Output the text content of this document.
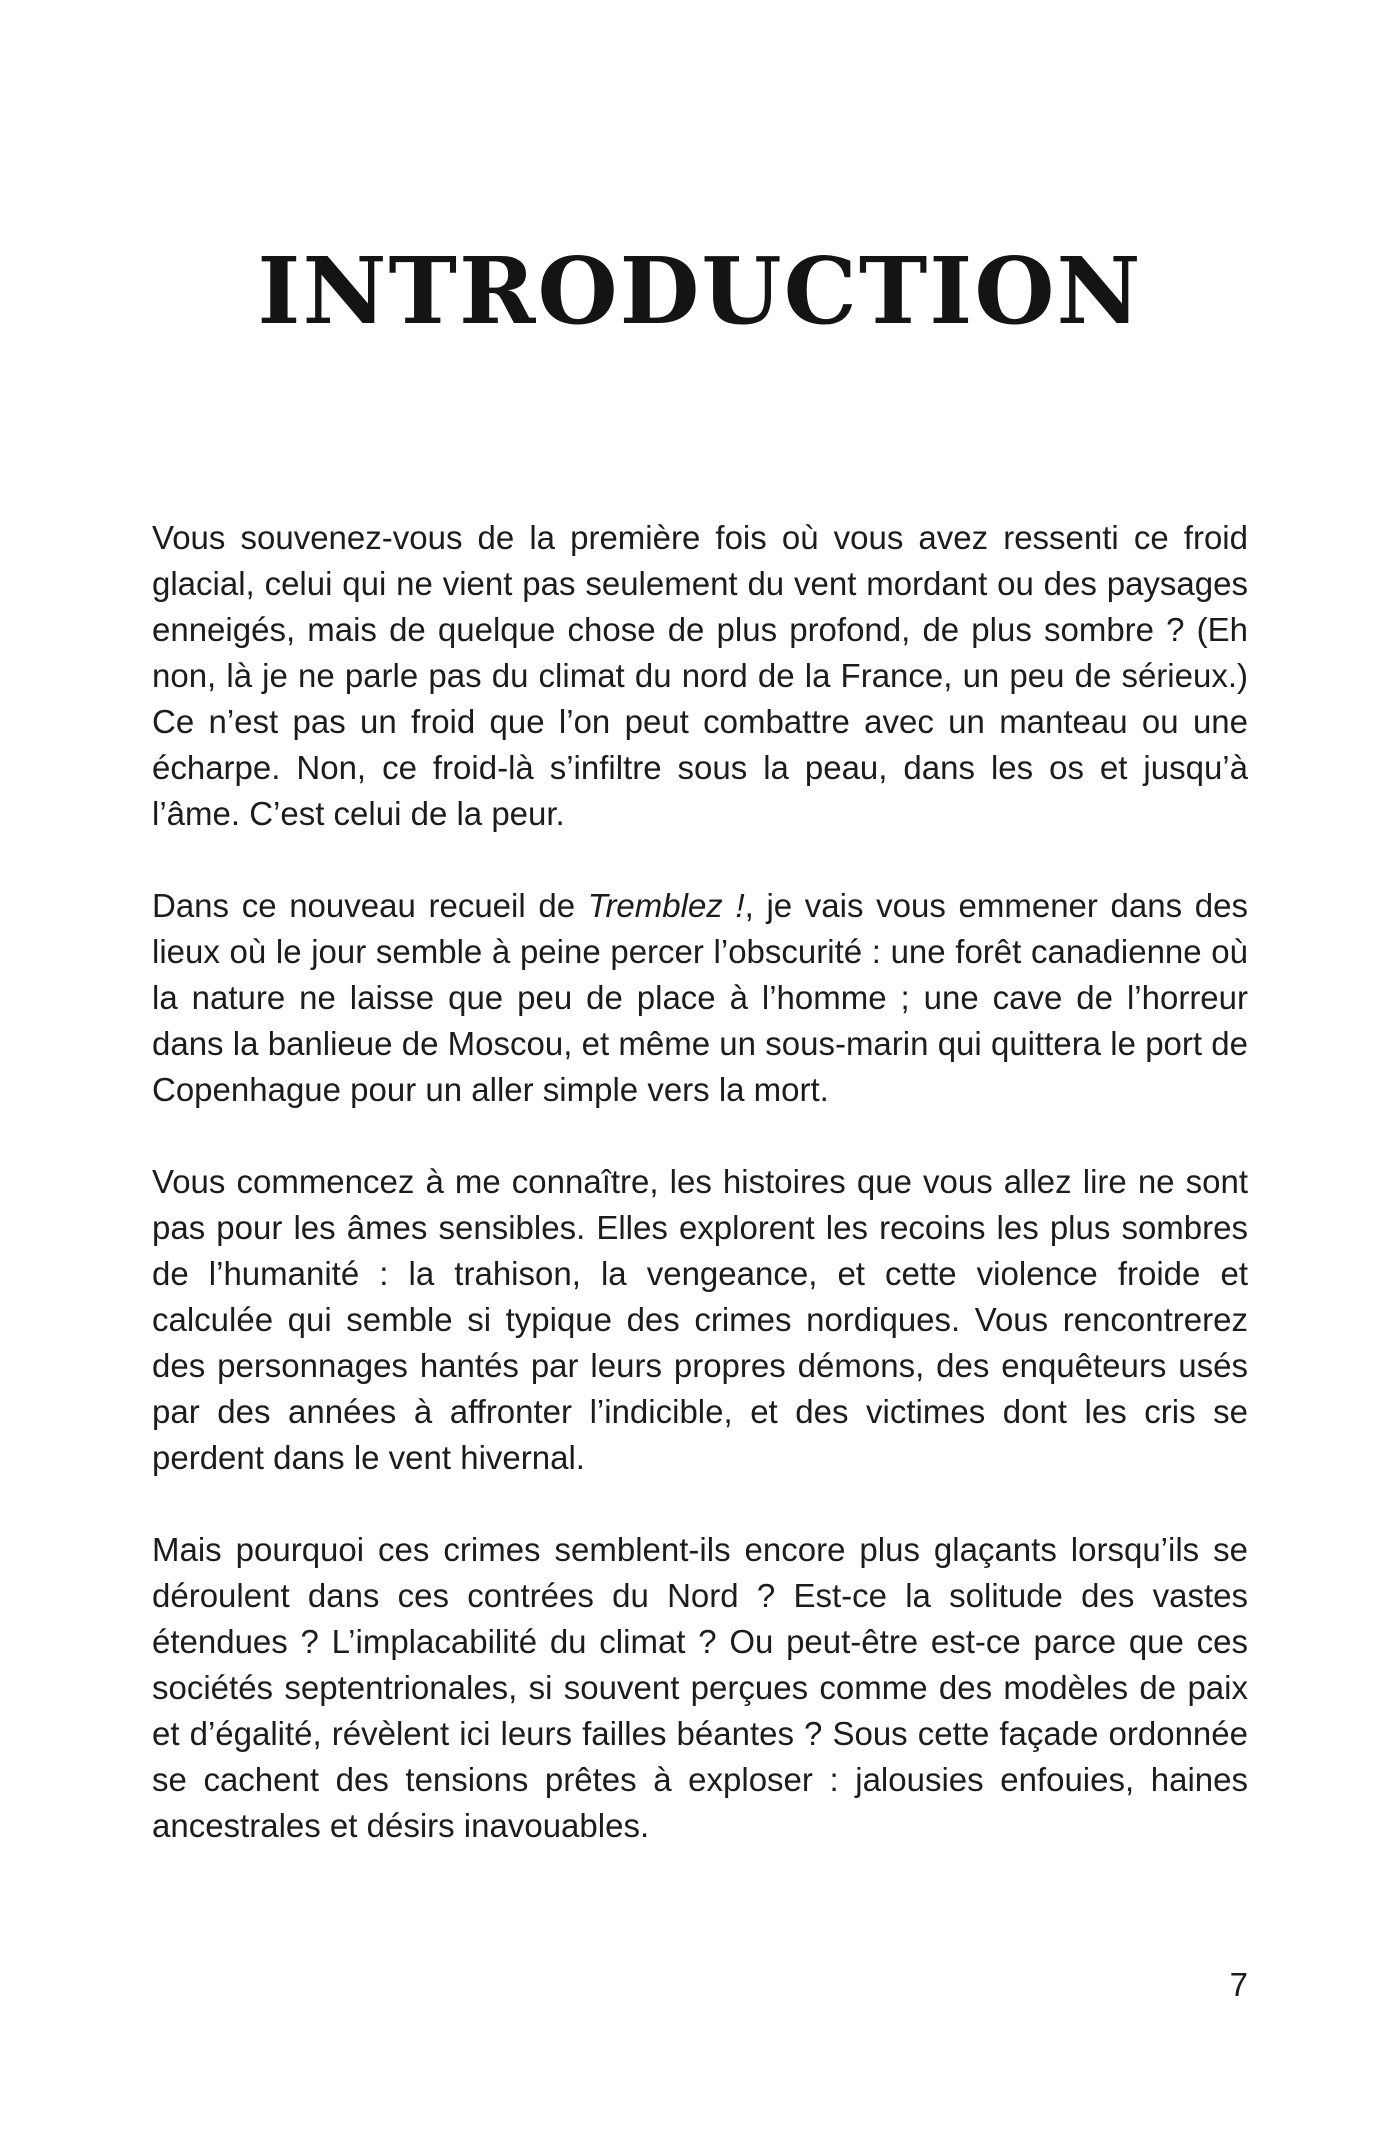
INTRODUCTION

Vous souvenez-vous de la première fois où vous avez ressenti ce froid glacial, celui qui ne vient pas seulement du vent mordant ou des paysages enneigés, mais de quelque chose de plus profond, de plus sombre ? (Eh non, là je ne parle pas du climat du nord de la France, un peu de sérieux.) Ce n’est pas un froid que l’on peut combattre avec un manteau ou une écharpe. Non, ce froid-là s’infiltre sous la peau, dans les os et jusqu’à l’âme. C’est celui de la peur.

Dans ce nouveau recueil de Tremblez !, je vais vous emmener dans des lieux où le jour semble à peine percer l’obscurité : une forêt canadienne où la nature ne laisse que peu de place à l’homme ; une cave de l’horreur dans la banlieue de Moscou, et même un sous-marin qui quittera le port de Copenhague pour un aller simple vers la mort.

Vous commencez à me connaître, les histoires que vous allez lire ne sont pas pour les âmes sensibles. Elles explorent les recoins les plus sombres de l’humanité : la trahison, la vengeance, et cette violence froide et calculée qui semble si typique des crimes nordiques. Vous rencontrerez des personnages hantés par leurs propres démons, des enquêteurs usés par des années à affronter l’indicible, et des victimes dont les cris se perdent dans le vent hivernal.

Mais pourquoi ces crimes semblent-ils encore plus glaçants lorsqu’ils se déroulent dans ces contrées du Nord ? Est-ce la solitude des vastes étendues ? L’implacabilité du climat ? Ou peut-être est-ce parce que ces sociétés septentrionales, si souvent perçues comme des modèles de paix et d’égalité, révèlent ici leurs failles béantes ? Sous cette façade ordonnée se cachent des tensions prêtes à exploser : jalousies enfouies, haines ancestrales et désirs inavouables.

7
